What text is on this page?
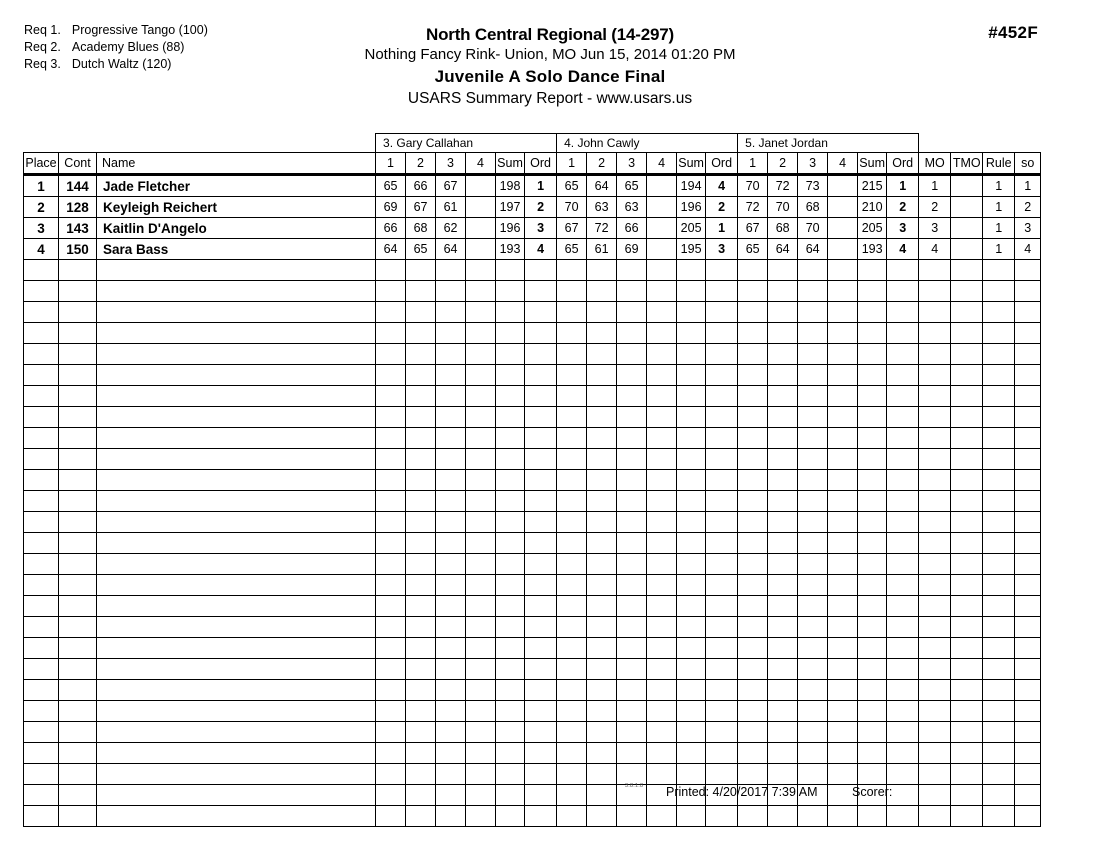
Req 1. Progressive Tango (100)
Req 2. Academy Blues (88)
Req 3. Dutch Waltz (120)
North Central Regional (14-297)
Nothing Fancy Rink- Union, MO Jun 15, 2014 01:20 PM
Juvenile A Solo Dance Final
USARS Summary Report - www.usars.us
#452F
			3. Gary Callahan						4. John Cawly						5. Janet Jordan									
Place	Cont	Name	1	2	3	4	Sum	Ord	1	2	3	4	Sum	Ord	1	2	3	4	Sum	Ord	MO	TMO	Rule	so
1	144	Jade Fletcher	65	66	67		198	1	65	64	65		194	4	70	72	73		215	1	1		1	1
2	128	Keyleigh Reichert	69	67	61		197	2	70	63	63		196	2	72	70	68		210	2	2		1	2
3	143	Kaitlin D'Angelo	66	68	62		196	3	67	72	66		205	1	67	68	70		205	3	3		1	3
4	150	Sara Bass	64	65	64		193	4	65	61	69		195	3	65	64	64		193	4	4		1	4

3.8.1.8 Printed: 4/20/2017 7:39 AM	Scorer:
